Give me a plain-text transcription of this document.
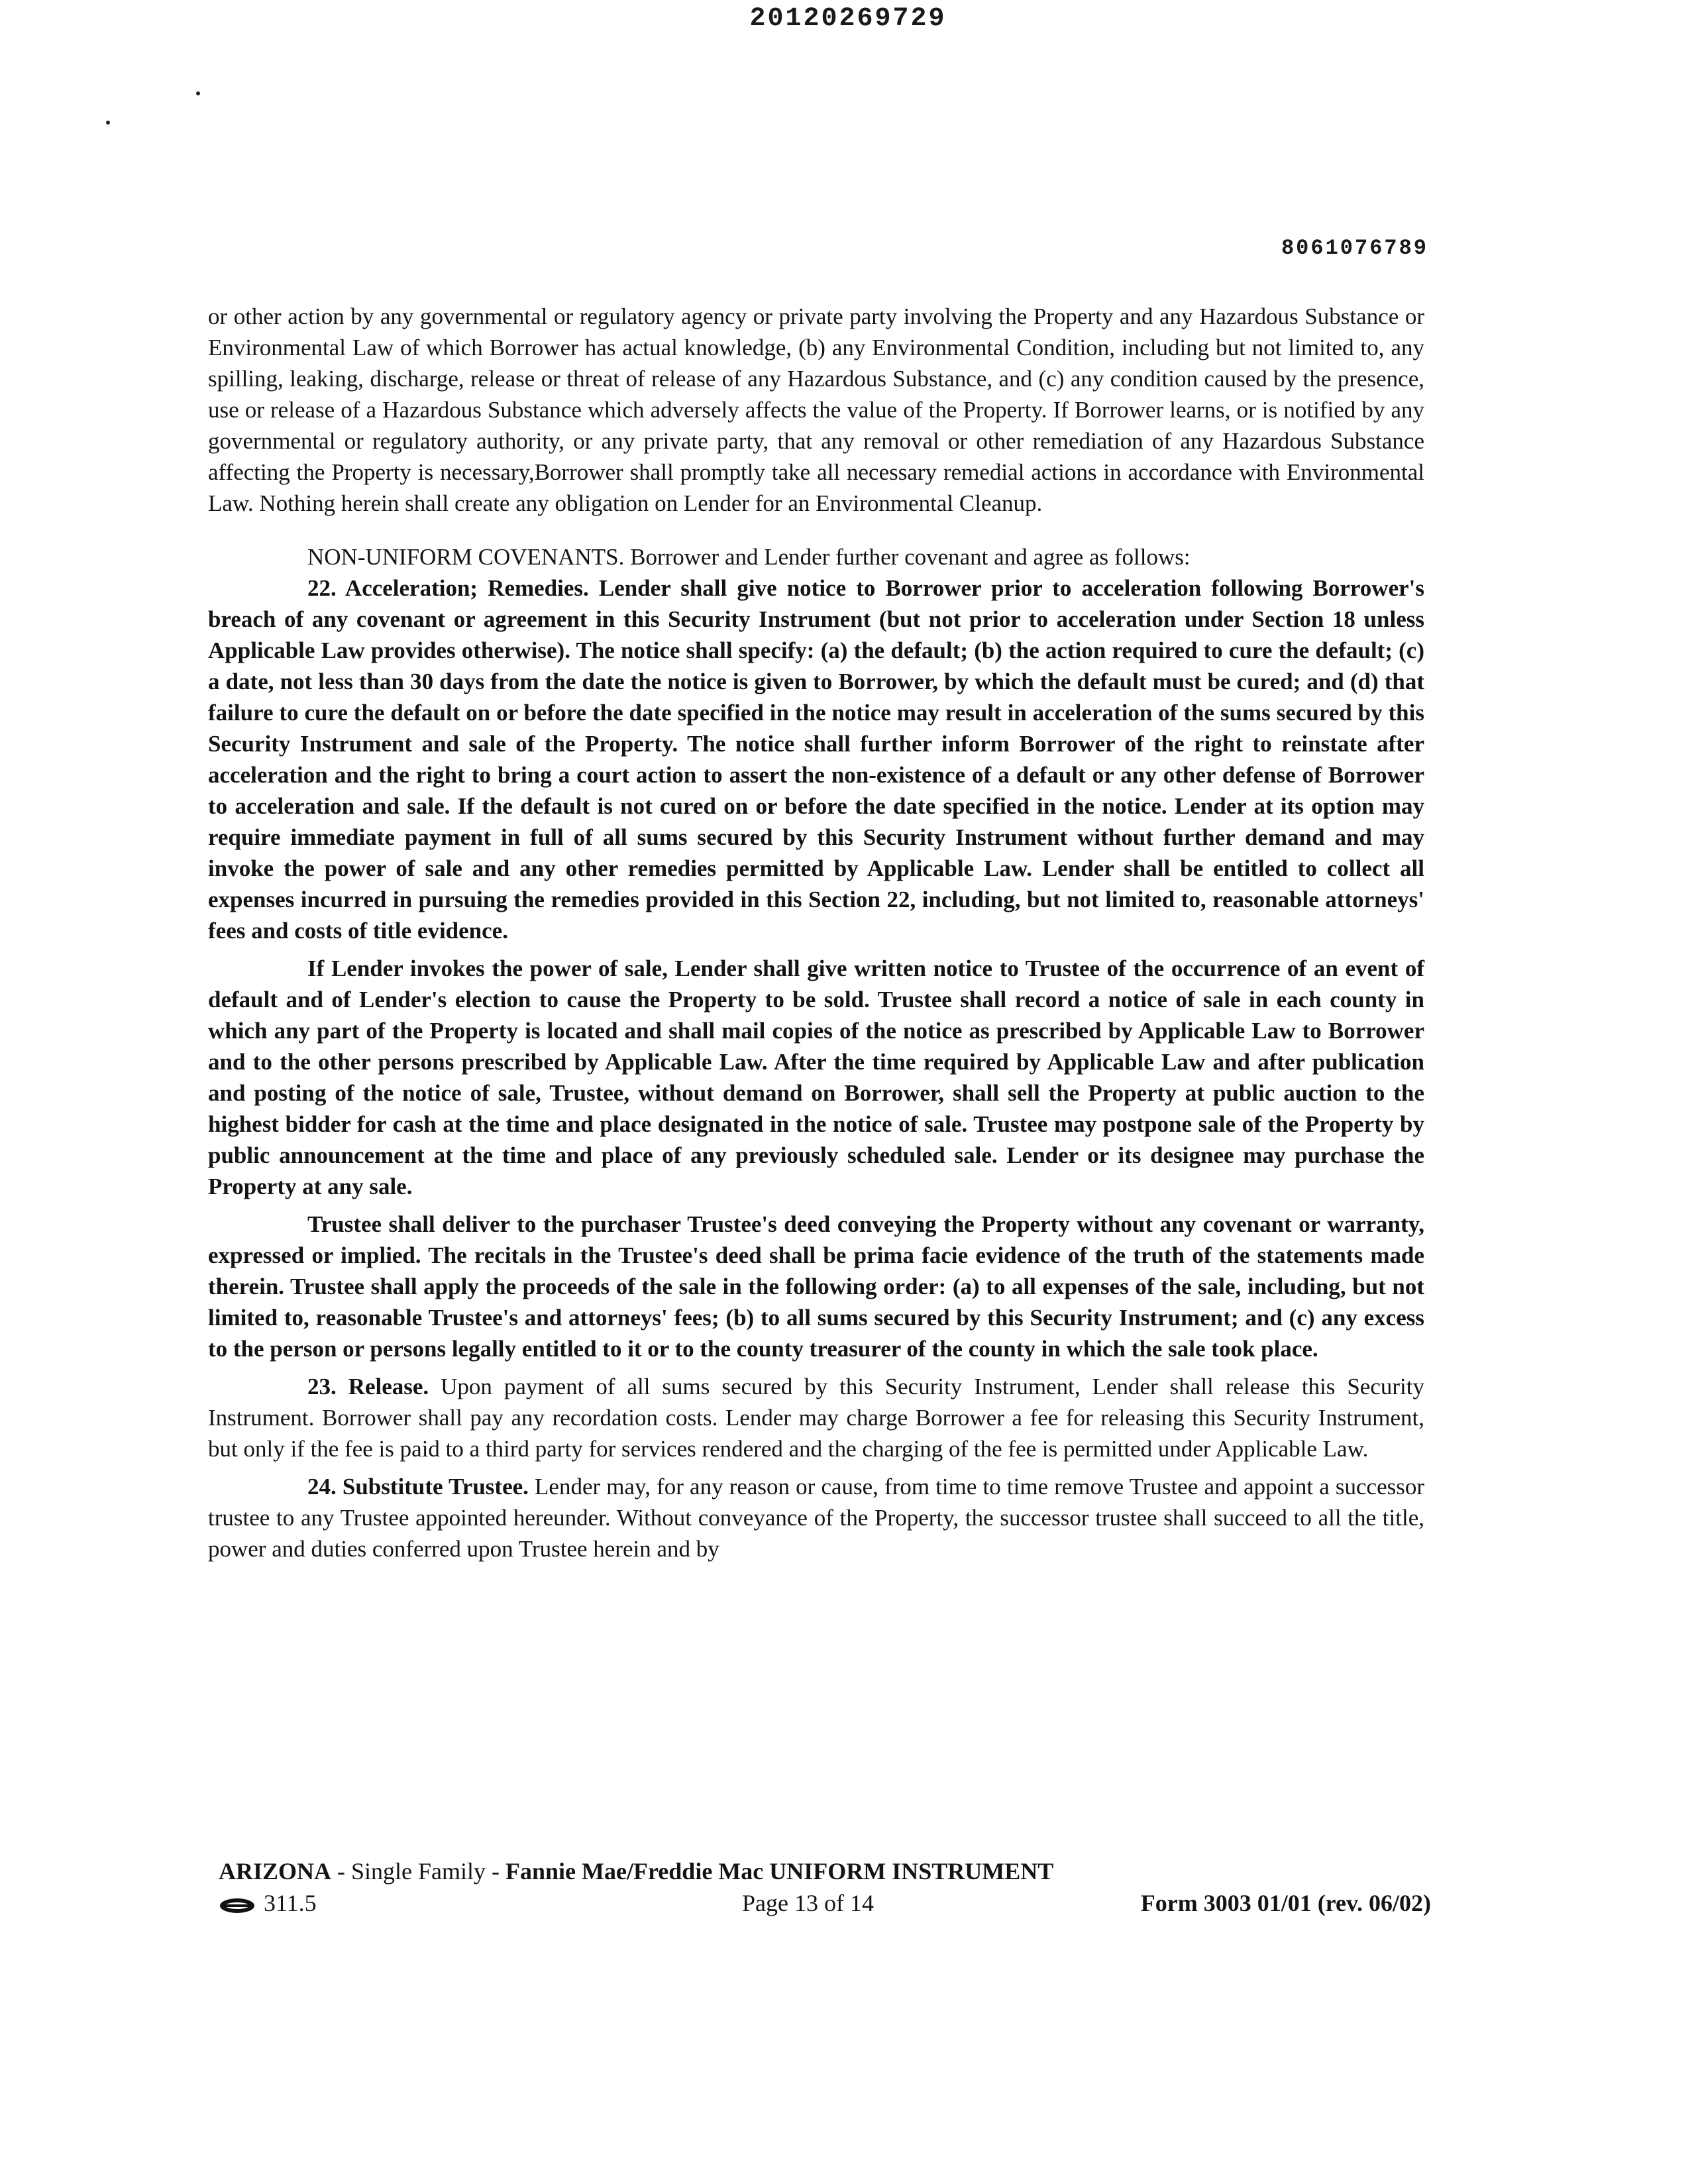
20120269729
8061076789

or other action by any governmental or regulatory agency or private party involving the Property and any Hazardous Substance or Environmental Law of which Borrower has actual knowledge, (b) any Environmental Condition, including but not limited to, any spilling, leaking, discharge, release or threat of release of any Hazardous Substance, and (c) any condition caused by the presence, use or release of a Hazardous Substance which adversely affects the value of the Property. If Borrower learns, or is notified by any governmental or regulatory authority, or any private party, that any removal or other remediation of any Hazardous Substance affecting the Property is necessary,Borrower shall promptly take all necessary remedial actions in accordance with Environmental Law. Nothing herein shall create any obligation on Lender for an Environmental Cleanup.

NON-UNIFORM COVENANTS. Borrower and Lender further covenant and agree as follows:

22. Acceleration; Remedies. Lender shall give notice to Borrower prior to acceleration following Borrower's breach of any covenant or agreement in this Security Instrument (but not prior to acceleration under Section 18 unless Applicable Law provides otherwise). The notice shall specify: (a) the default; (b) the action required to cure the default; (c) a date, not less than 30 days from the date the notice is given to Borrower, by which the default must be cured; and (d) that failure to cure the default on or before the date specified in the notice may result in acceleration of the sums secured by this Security Instrument and sale of the Property. The notice shall further inform Borrower of the right to reinstate after acceleration and the right to bring a court action to assert the non-existence of a default or any other defense of Borrower to acceleration and sale. If the default is not cured on or before the date specified in the notice. Lender at its option may require immediate payment in full of all sums secured by this Security Instrument without further demand and may invoke the power of sale and any other remedies permitted by Applicable Law. Lender shall be entitled to collect all expenses incurred in pursuing the remedies provided in this Section 22, including, but not limited to, reasonable attorneys' fees and costs of title evidence.

If Lender invokes the power of sale, Lender shall give written notice to Trustee of the occurrence of an event of default and of Lender's election to cause the Property to be sold. Trustee shall record a notice of sale in each county in which any part of the Property is located and shall mail copies of the notice as prescribed by Applicable Law to Borrower and to the other persons prescribed by Applicable Law. After the time required by Applicable Law and after publication and posting of the notice of sale, Trustee, without demand on Borrower, shall sell the Property at public auction to the highest bidder for cash at the time and place designated in the notice of sale. Trustee may postpone sale of the Property by public announcement at the time and place of any previously scheduled sale. Lender or its designee may purchase the Property at any sale.

Trustee shall deliver to the purchaser Trustee's deed conveying the Property without any covenant or warranty, expressed or implied. The recitals in the Trustee's deed shall be prima facie evidence of the truth of the statements made therein. Trustee shall apply the proceeds of the sale in the following order: (a) to all expenses of the sale, including, but not limited to, reasonable Trustee's and attorneys' fees; (b) to all sums secured by this Security Instrument; and (c) any excess to the person or persons legally entitled to it or to the county treasurer of the county in which the sale took place.

23. Release. Upon payment of all sums secured by this Security Instrument, Lender shall release this Security Instrument. Borrower shall pay any recordation costs. Lender may charge Borrower a fee for releasing this Security Instrument, but only if the fee is paid to a third party for services rendered and the charging of the fee is permitted under Applicable Law.

24. Substitute Trustee. Lender may, for any reason or cause, from time to time remove Trustee and appoint a successor trustee to any Trustee appointed hereunder. Without conveyance of the Property, the successor trustee shall succeed to all the title, power and duties conferred upon Trustee herein and by

ARIZONA - Single Family - Fannie Mae/Freddie Mac UNIFORM INSTRUMENT
311.5	Page 13 of 14	Form 3003 01/01 (rev. 06/02)
